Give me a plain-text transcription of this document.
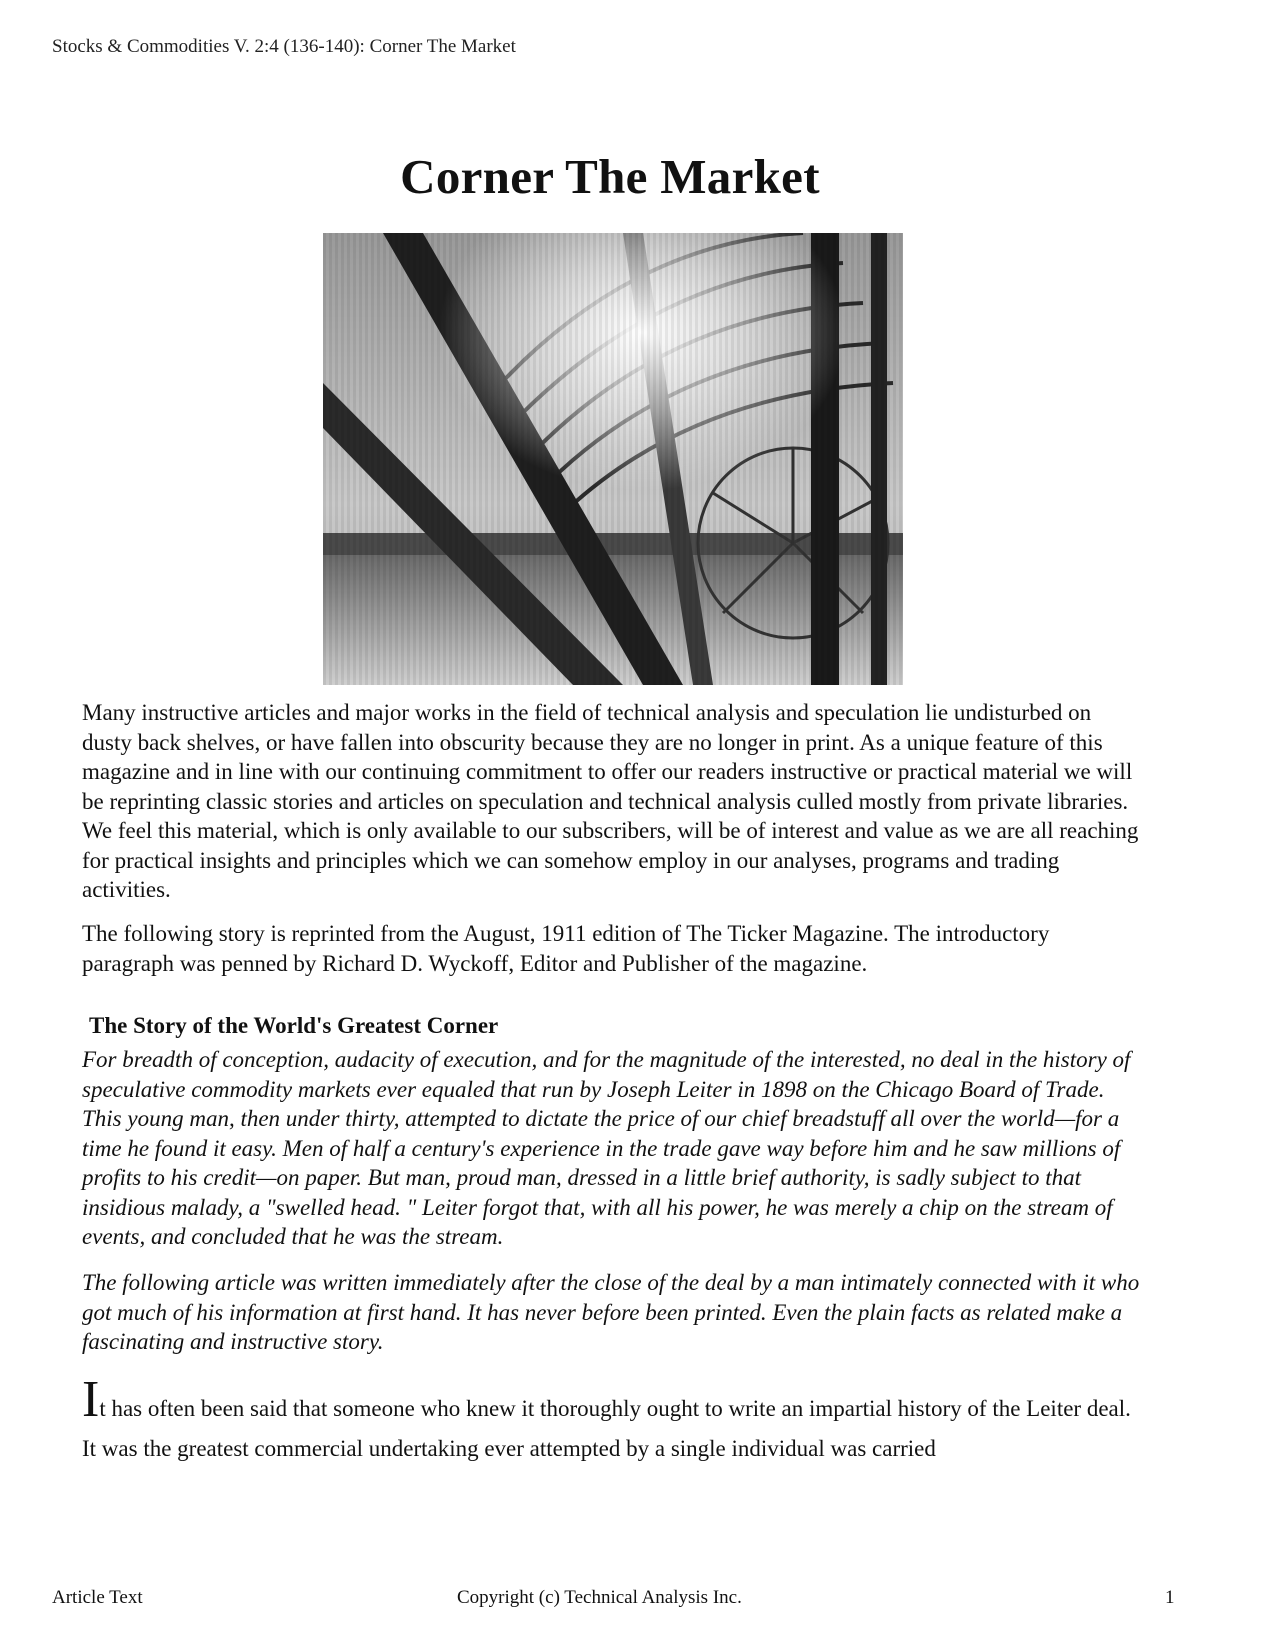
Stocks & Commodities V. 2:4 (136-140): Corner The Market
Corner The Market

Many instructive articles and major works in the field of technical analysis and speculation lie undisturbed on dusty back shelves, or have fallen into obscurity because they are no longer in print. As a unique feature of this magazine and in line with our continuing commitment to offer our readers instructive or practical material we will be reprinting classic stories and articles on speculation and technical analysis culled mostly from private libraries. We feel this material, which is only available to our subscribers, will be of interest and value as we are all reaching for practical insights and principles which we can somehow employ in our analyses, programs and trading activities.

The following story is reprinted from the August, 1911 edition of The Ticker Magazine. The introductory paragraph was penned by Richard D. Wyckoff, Editor and Publisher of the magazine.

The Story of the World's Greatest Corner

For breadth of conception, audacity of execution, and for the magnitude of the interested, no deal in the history of speculative commodity markets ever equaled that run by Joseph Leiter in 1898 on the Chicago Board of Trade. This young man, then under thirty, attempted to dictate the price of our chief breadstuff all over the world—for a time he found it easy. Men of half a century's experience in the trade gave way before him and he saw millions of profits to his credit—on paper. But man, proud man, dressed in a little brief authority, is sadly subject to that insidious malady, a "swelled head. " Leiter forgot that, with all his power, he was merely a chip on the stream of events, and concluded that he was the stream.

The following article was written immediately after the close of the deal by a man intimately connected with it who got much of his information at first hand. It has never before been printed. Even the plain facts as related make a fascinating and instructive story.

It has often been said that someone who knew it thoroughly ought to write an impartial history of the Leiter deal. It was the greatest commercial undertaking ever attempted by a single individual was carried

Article Text	Copyright (c) Technical Analysis Inc.	1
